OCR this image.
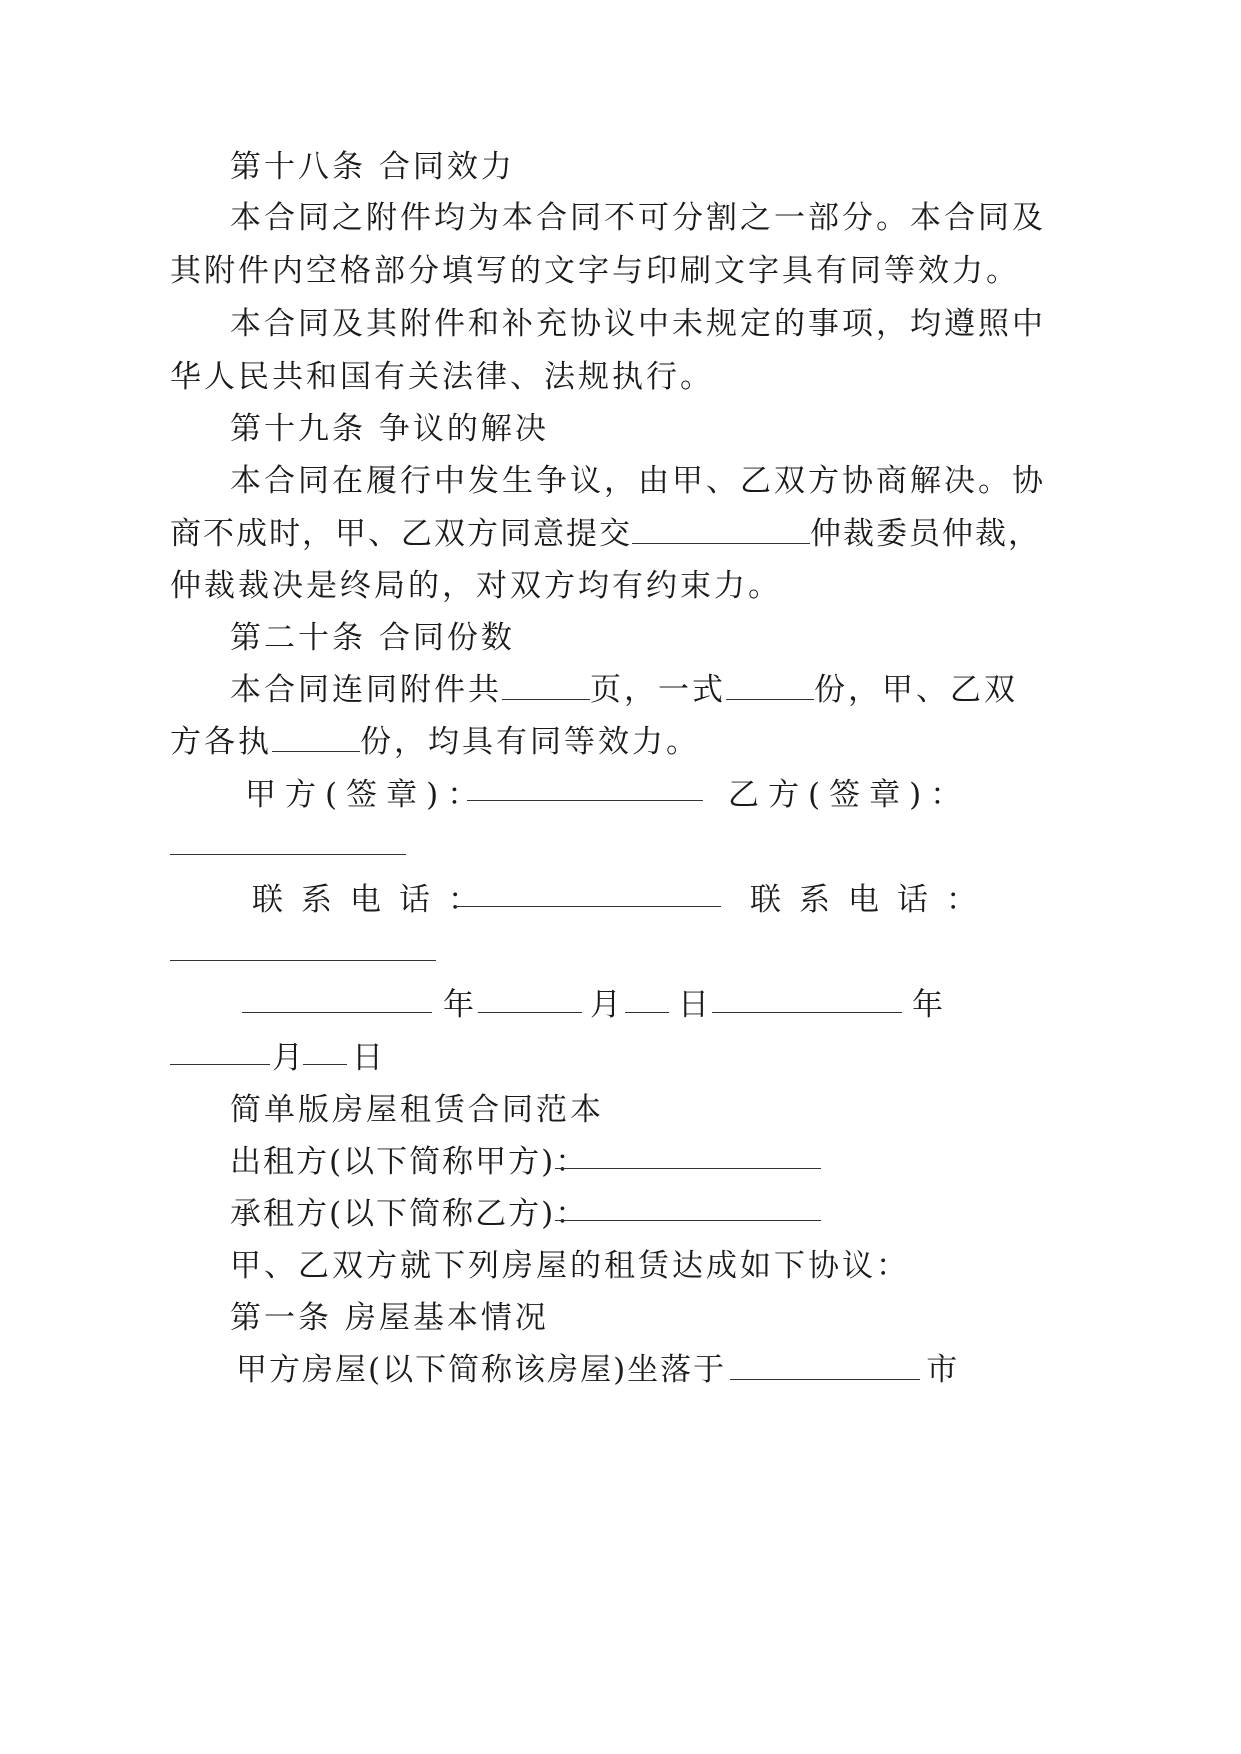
第十八条 合同效力
本合同之附件均为本合同不可分割之一部分。本合同及
其附件内空格部分填写的文字与印刷文字具有同等效力。
本合同及其附件和补充协议中未规定的事项，均遵照中
华人民共和国有关法律、法规执行。
第十九条 争议的解决
本合同在履行中发生争议，由甲、乙双方协商解决。协
商不成时，甲、乙双方同意提交	仲裁委员仲裁，
仲裁裁决是终局的，对双方均有约束力。
第二十条 合同份数
本合同连同附件共	页，一式	份，甲、乙双
方各执	份，均具有同等效力。
甲方(签章)：	乙方(签章)：
联系电话：	联系电话：
年	月 日	年
月 日
简单版房屋租赁合同范本
出租方(以下简称甲方)：
承租方(以下简称乙方)：
甲、乙双方就下列房屋的租赁达成如下协议：
第一条 房屋基本情况
甲方房屋(以下简称该房屋)坐落于	市
